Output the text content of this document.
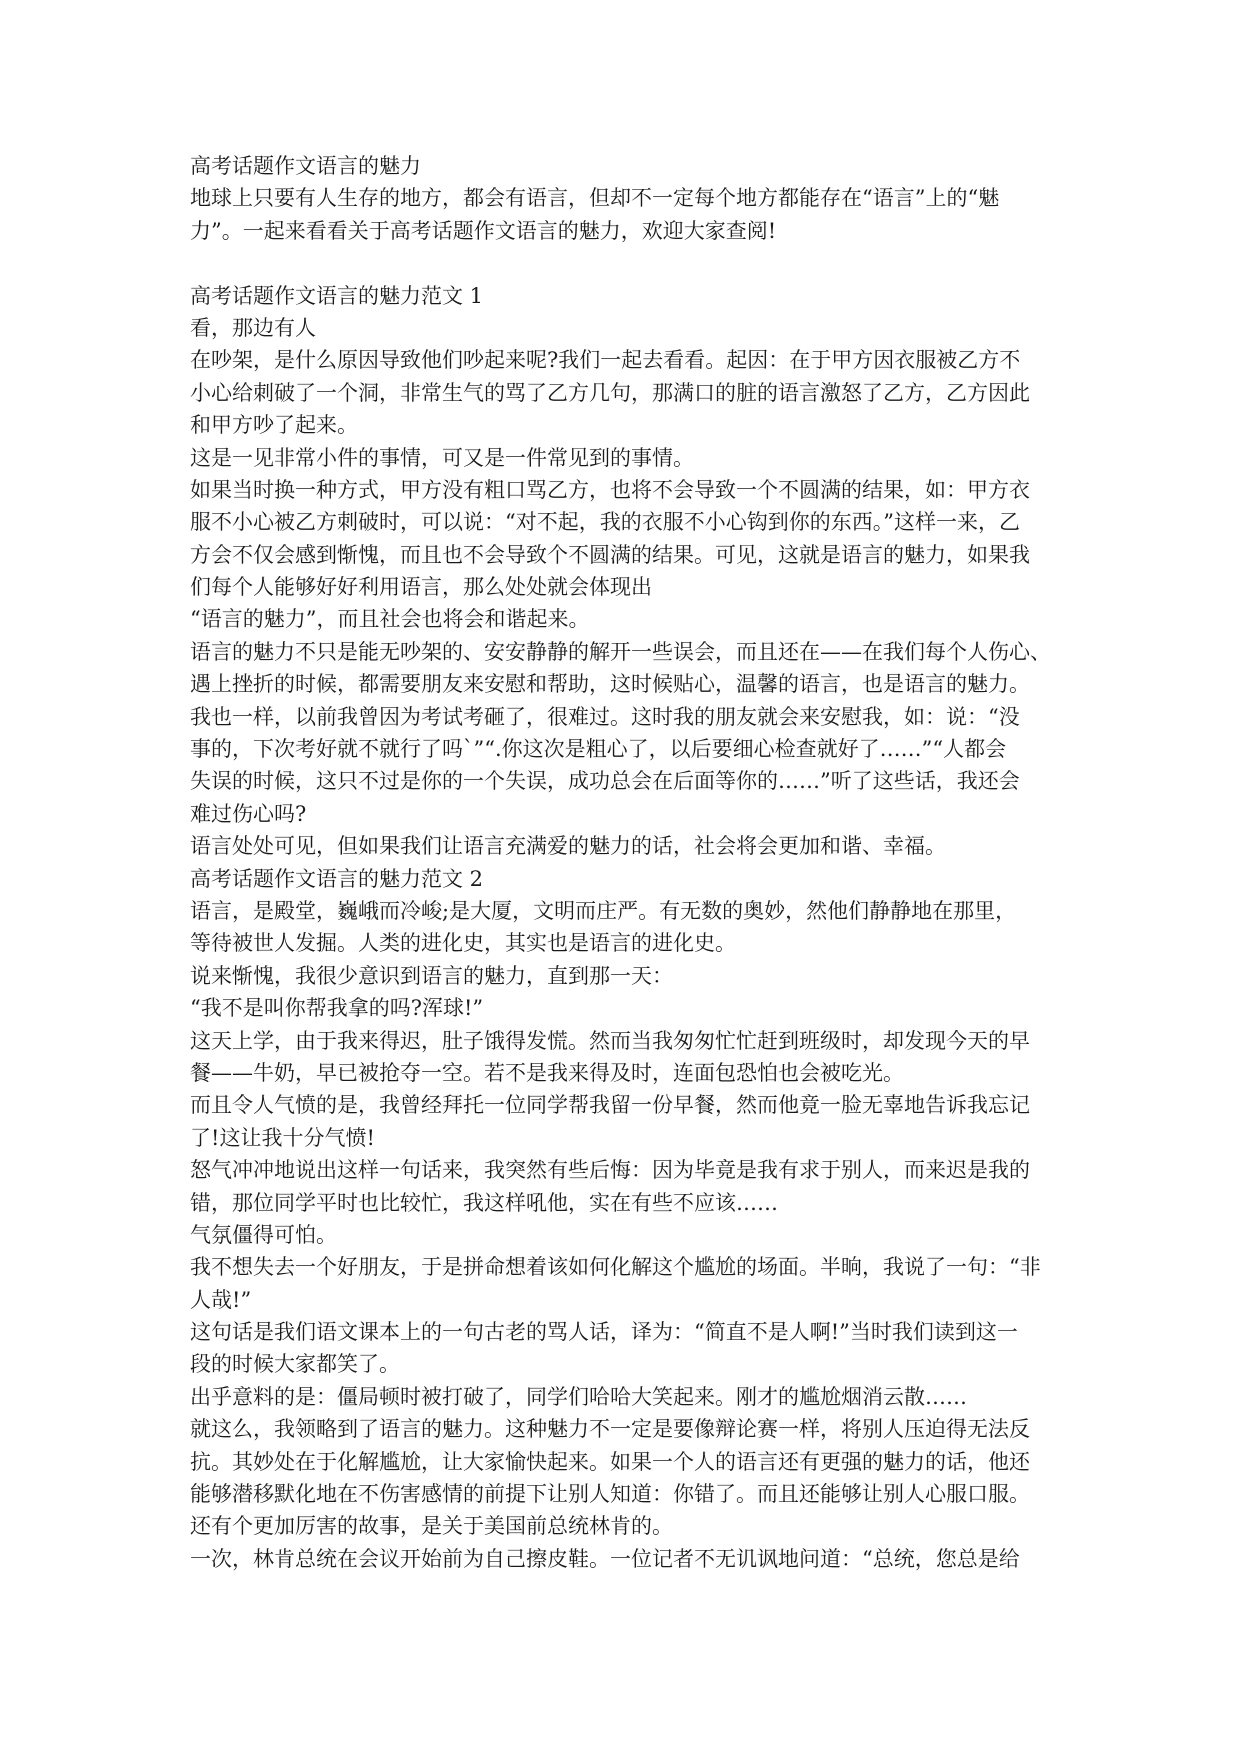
高考话题作文语言的魅力
地球上只要有人生存的地方，都会有语言，但却不一定每个地方都能存在“语言”上的“魅
力”。一起来看看关于高考话题作文语言的魅力，欢迎大家查阅!
高考话题作文语言的魅力范文 1
看，那边有人
在吵架，是什么原因导致他们吵起来呢?我们一起去看看。起因：在于甲方因衣服被乙方不
小心给刺破了一个洞，非常生气的骂了乙方几句，那满口的脏的语言激怒了乙方，乙方因此
和甲方吵了起来。
这是一见非常小件的事情，可又是一件常见到的事情。
如果当时换一种方式，甲方没有粗口骂乙方，也将不会导致一个不圆满的结果，如：甲方衣
服不小心被乙方刺破时，可以说：“对不起，我的衣服不小心钩到你的东西。”这样一来，乙
方会不仅会感到惭愧，而且也不会导致个不圆满的结果。可见，这就是语言的魅力，如果我
们每个人能够好好利用语言，那么处处就会体现出
“语言的魅力”，而且社会也将会和谐起来。
语言的魅力不只是能无吵架的、安安静静的解开一些误会，而且还在——在我们每个人伤心、
遇上挫折的时候，都需要朋友来安慰和帮助，这时候贴心，温馨的语言，也是语言的魅力。
我也一样，以前我曾因为考试考砸了，很难过。这时我的朋友就会来安慰我，如：说：“没
事的，下次考好就不就行了吗`”“.你这次是粗心了，以后要细心检查就好了……”“人都会
失误的时候，这只不过是你的一个失误，成功总会在后面等你的……”听了这些话，我还会
难过伤心吗?
语言处处可见，但如果我们让语言充满爱的魅力的话，社会将会更加和谐、幸福。
高考话题作文语言的魅力范文 2
语言，是殿堂，巍峨而冷峻;是大厦，文明而庄严。有无数的奥妙，然他们静静地在那里，
等待被世人发掘。人类的进化史，其实也是语言的进化史。
说来惭愧，我很少意识到语言的魅力，直到那一天：
“我不是叫你帮我拿的吗?浑球!”
这天上学，由于我来得迟，肚子饿得发慌。然而当我匆匆忙忙赶到班级时，却发现今天的早
餐——牛奶，早已被抢夺一空。若不是我来得及时，连面包恐怕也会被吃光。
而且令人气愤的是，我曾经拜托一位同学帮我留一份早餐，然而他竟一脸无辜地告诉我忘记
了!这让我十分气愤!
怒气冲冲地说出这样一句话来，我突然有些后悔：因为毕竟是我有求于别人，而来迟是我的
错，那位同学平时也比较忙，我这样吼他，实在有些不应该……
气氛僵得可怕。
我不想失去一个好朋友，于是拼命想着该如何化解这个尴尬的场面。半晌，我说了一句：“非
人哉!”
这句话是我们语文课本上的一句古老的骂人话，译为：“简直不是人啊!”当时我们读到这一
段的时候大家都笑了。
出乎意料的是：僵局顿时被打破了，同学们哈哈大笑起来。刚才的尴尬烟消云散……
就这么，我领略到了语言的魅力。这种魅力不一定是要像辩论赛一样，将别人压迫得无法反
抗。其妙处在于化解尴尬，让大家愉快起来。如果一个人的语言还有更强的魅力的话，他还
能够潜移默化地在不伤害感情的前提下让别人知道：你错了。而且还能够让别人心服口服。
还有个更加厉害的故事，是关于美国前总统林肯的。
一次，林肯总统在会议开始前为自己擦皮鞋。一位记者不无讥讽地问道：“总统，您总是给
